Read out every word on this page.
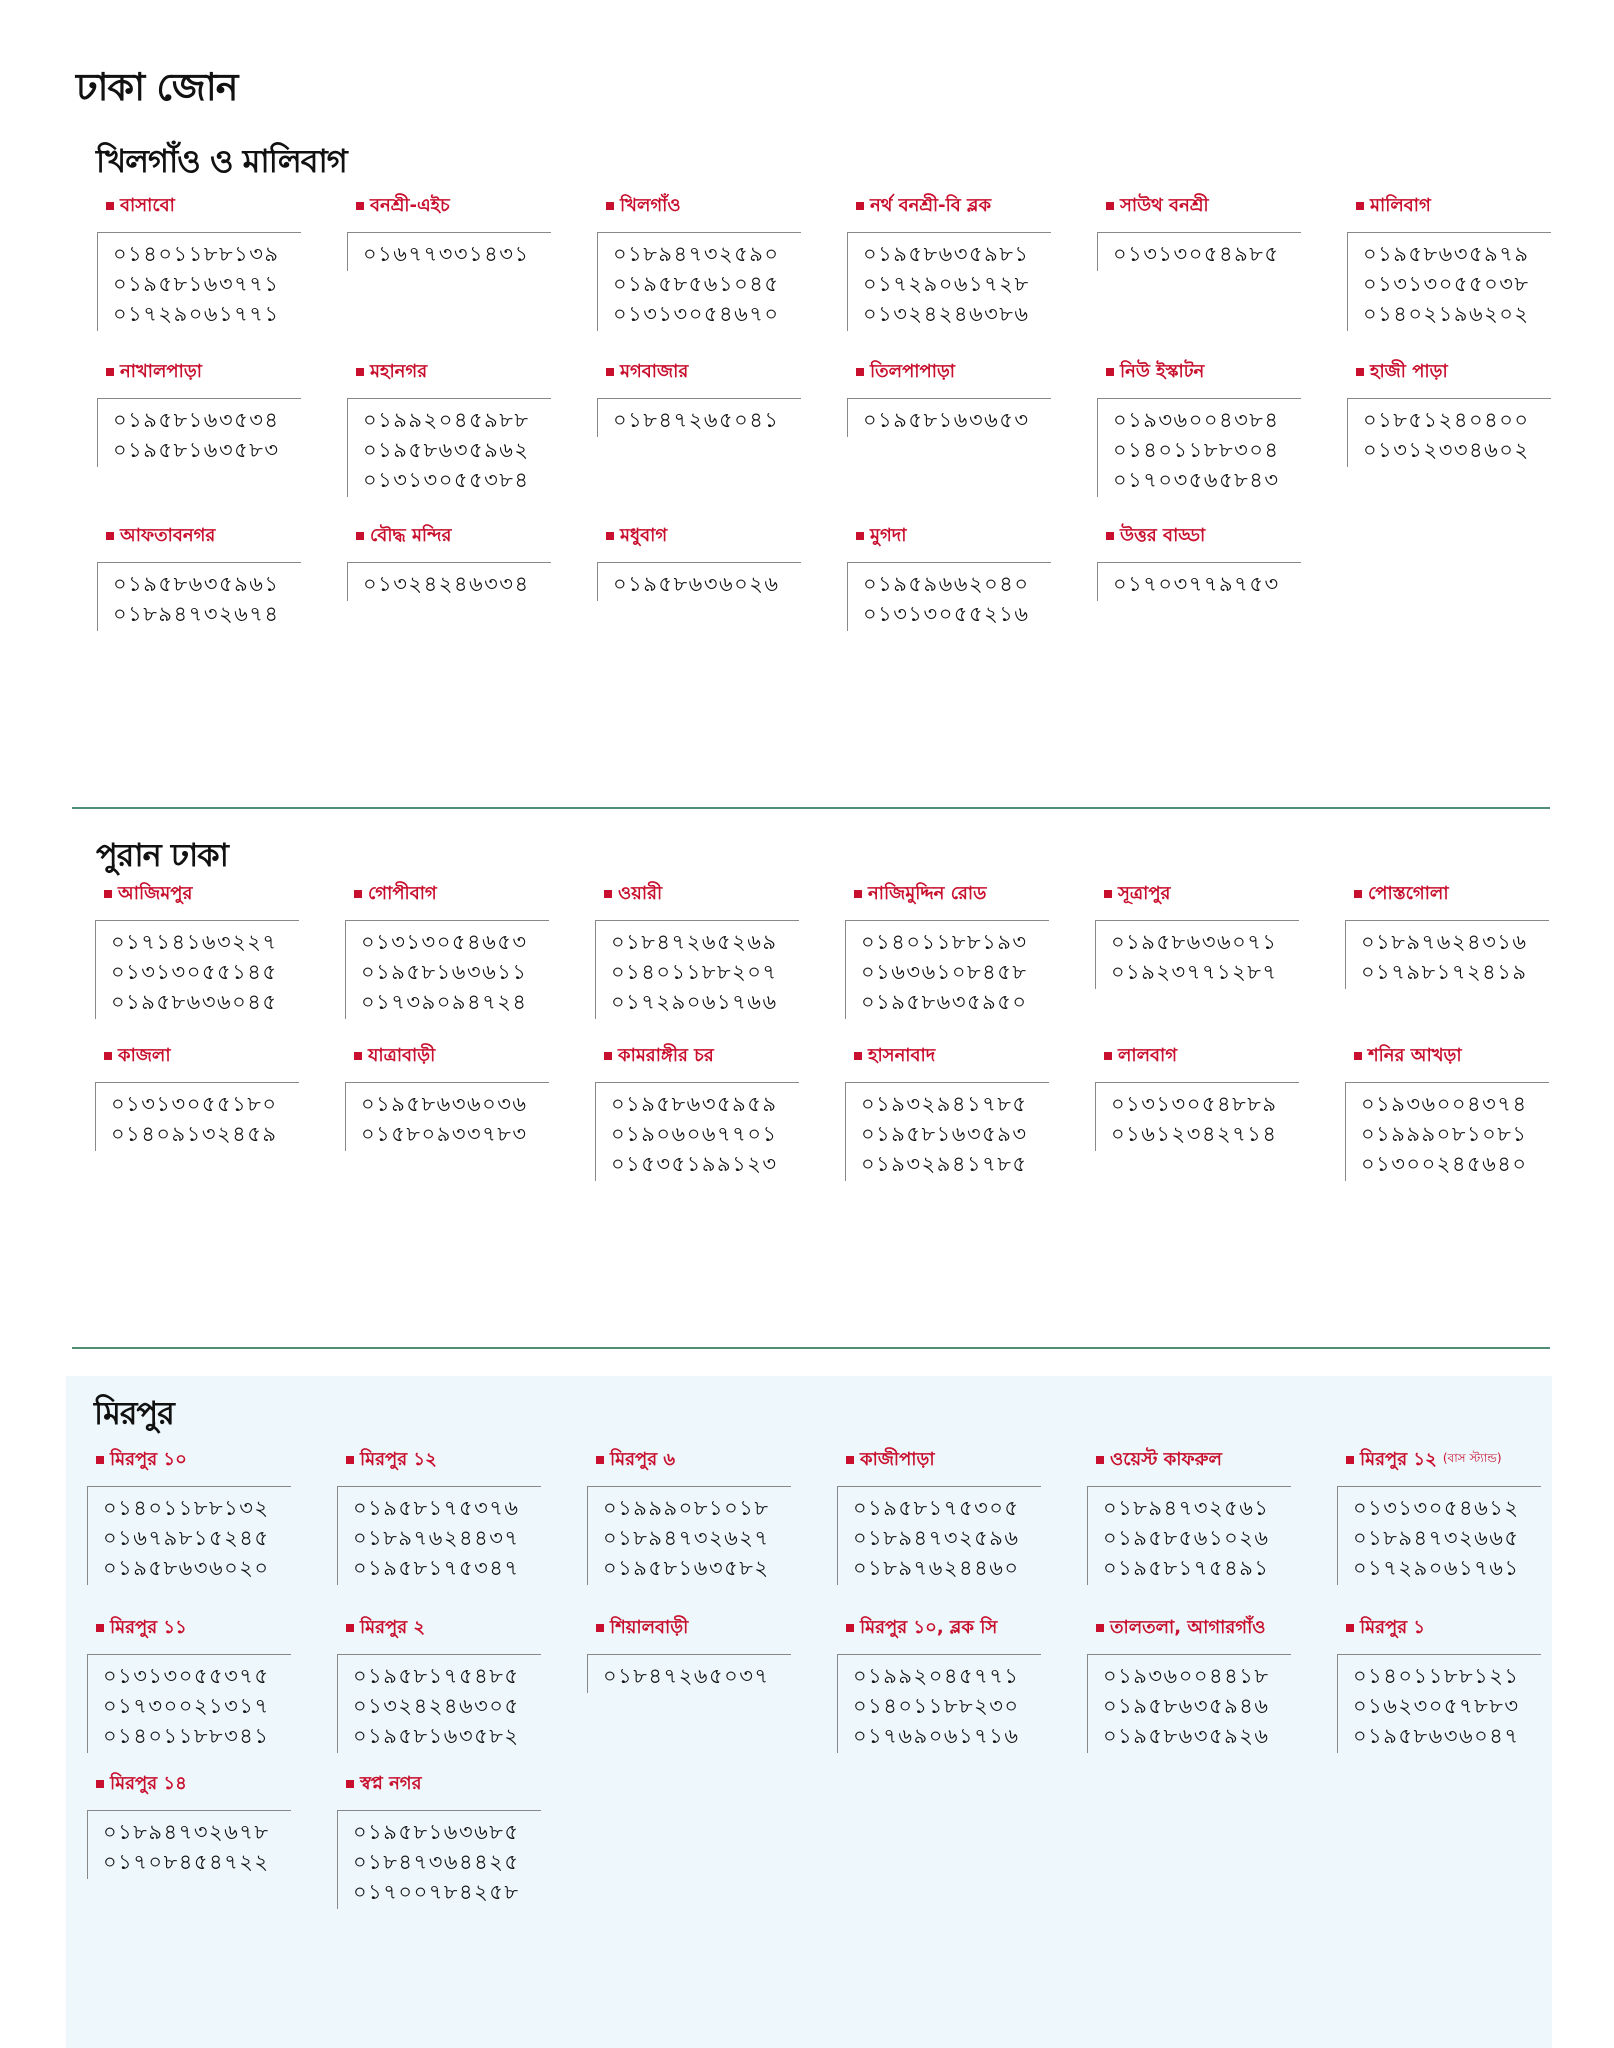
ঢাকা জোন
খিলগাঁও ও মালিবাগ
বাসাবো
০১৪০১১৮৮১৩৯
০১৯৫৮১৬৩৭৭১
০১৭২৯০৬১৭৭১
বনশ্রী-এইচ
০১৬৭৭৩৩১৪৩১
খিলগাঁও
০১৮৯৪৭৩২৫৯০
০১৯৫৮৫৬১০৪৫
০১৩১৩০৫৪৬৭০
নর্থ বনশ্রী-বি ব্লক
০১৯৫৮৬৩৫৯৮১
০১৭২৯০৬১৭২৮
০১৩২৪২৪৬৩৮৬
সাউথ বনশ্রী
০১৩১৩০৫৪৯৮৫
মালিবাগ
০১৯৫৮৬৩৫৯৭৯
০১৩১৩০৫৫০৩৮
০১৪০২১৯৬২০২
নাখালপাড়া
০১৯৫৮১৬৩৫৩৪
০১৯৫৮১৬৩৫৮৩
মহানগর
০১৯৯২০৪৫৯৮৮
০১৯৫৮৬৩৫৯৬২
০১৩১৩০৫৫৩৮৪
মগবাজার
০১৮৪৭২৬৫০৪১
তিলপাপাড়া
০১৯৫৮১৬৩৬৫৩
নিউ ইস্কাটন
০১৯৩৬০০৪৩৮৪
০১৪০১১৮৮৩০৪
০১৭০৩৫৬৫৮৪৩
হাজী পাড়া
০১৮৫১২৪০৪০০
০১৩১২৩৩৪৬০২
আফতাবনগর
০১৯৫৮৬৩৫৯৬১
০১৮৯৪৭৩২৬৭৪
বৌদ্ধ মন্দির
০১৩২৪২৪৬৩৩৪
মধুবাগ
০১৯৫৮৬৩৬০২৬
মুগদা
০১৯৫৯৬৬২০৪০
০১৩১৩০৫৫২১৬
উত্তর বাড্ডা
০১৭০৩৭৭৯৭৫৩
পুরান ঢাকা
আজিমপুর
০১৭১৪১৬৩২২৭
০১৩১৩০৫৫১৪৫
০১৯৫৮৬৩৬০৪৫
গোপীবাগ
০১৩১৩০৫৪৬৫৩
০১৯৫৮১৬৩৬১১
০১৭৩৯০৯৪৭২৪
ওয়ারী
০১৮৪৭২৬৫২৬৯
০১৪০১১৮৮২০৭
০১৭২৯০৬১৭৬৬
নাজিমুদ্দিন রোড
০১৪০১১৮৮১৯৩
০১৬৩৬১০৮৪৫৮
০১৯৫৮৬৩৫৯৫০
সূত্রাপুর
০১৯৫৮৬৩৬০৭১
০১৯২৩৭৭১২৮৭
পোস্তগোলা
০১৮৯৭৬২৪৩১৬
০১৭৯৮১৭২৪১৯
কাজলা
০১৩১৩০৫৫১৮০
০১৪০৯১৩২৪৫৯
যাত্রাবাড়ী
০১৯৫৮৬৩৬০৩৬
০১৫৮০৯৩৩৭৮৩
কামরাঙ্গীর চর
০১৯৫৮৬৩৫৯৫৯
০১৯০৬০৬৭৭০১
০১৫৩৫১৯৯১২৩
হাসনাবাদ
০১৯৩২৯৪১৭৮৫
০১৯৫৮১৬৩৫৯৩
০১৯৩২৯৪১৭৮৫
লালবাগ
০১৩১৩০৫৪৮৮৯
০১৬১২৩৪২৭১৪
শনির আখড়া
০১৯৩৬০০৪৩৭৪
০১৯৯৯০৮১০৮১
০১৩০০২৪৫৬৪০
মিরপুর
মিরপুর ১০
০১৪০১১৮৮১৩২
০১৬৭৯৮১৫২৪৫
০১৯৫৮৬৩৬০২০
মিরপুর ১২
০১৯৫৮১৭৫৩৭৬
০১৮৯৭৬২৪৪৩৭
০১৯৫৮১৭৫৩৪৭
মিরপুর ৬
০১৯৯৯০৮১০১৮
০১৮৯৪৭৩২৬২৭
০১৯৫৮১৬৩৫৮২
কাজীপাড়া
০১৯৫৮১৭৫৩০৫
০১৮৯৪৭৩২৫৯৬
০১৮৯৭৬২৪৪৬০
ওয়েস্ট কাফরুল
০১৮৯৪৭৩২৫৬১
০১৯৫৮৫৬১০২৬
০১৯৫৮১৭৫৪৯১
মিরপুর ১২ (বাস স্ট্যান্ড)
০১৩১৩০৫৪৬১২
০১৮৯৪৭৩২৬৬৫
০১৭২৯০৬১৭৬১
মিরপুর ১১
০১৩১৩০৫৫৩৭৫
০১৭৩০০২১৩১৭
০১৪০১১৮৮৩৪১
মিরপুর ২
০১৯৫৮১৭৫৪৮৫
০১৩২৪২৪৬৩০৫
০১৯৫৮১৬৩৫৮২
শিয়ালবাড়ী
০১৮৪৭২৬৫০৩৭
মিরপুর ১০, ব্লক সি
০১৯৯২০৪৫৭৭১
০১৪০১১৮৮২৩০
০১৭৬৯০৬১৭১৬
তালতলা, আগারগাঁও
০১৯৩৬০০৪৪১৮
০১৯৫৮৬৩৫৯৪৬
০১৯৫৮৬৩৫৯২৬
মিরপুর ১
০১৪০১১৮৮১২১
০১৬২৩০৫৭৮৮৩
০১৯৫৮৬৩৬০৪৭
মিরপুর ১৪
০১৮৯৪৭৩২৬৭৮
০১৭০৮৪৫৪৭২২
স্বপ্ন নগর
০১৯৫৮১৬৩৬৮৫
০১৮৪৭৩৬৪৪২৫
০১৭০০৭৮৪২৫৮
